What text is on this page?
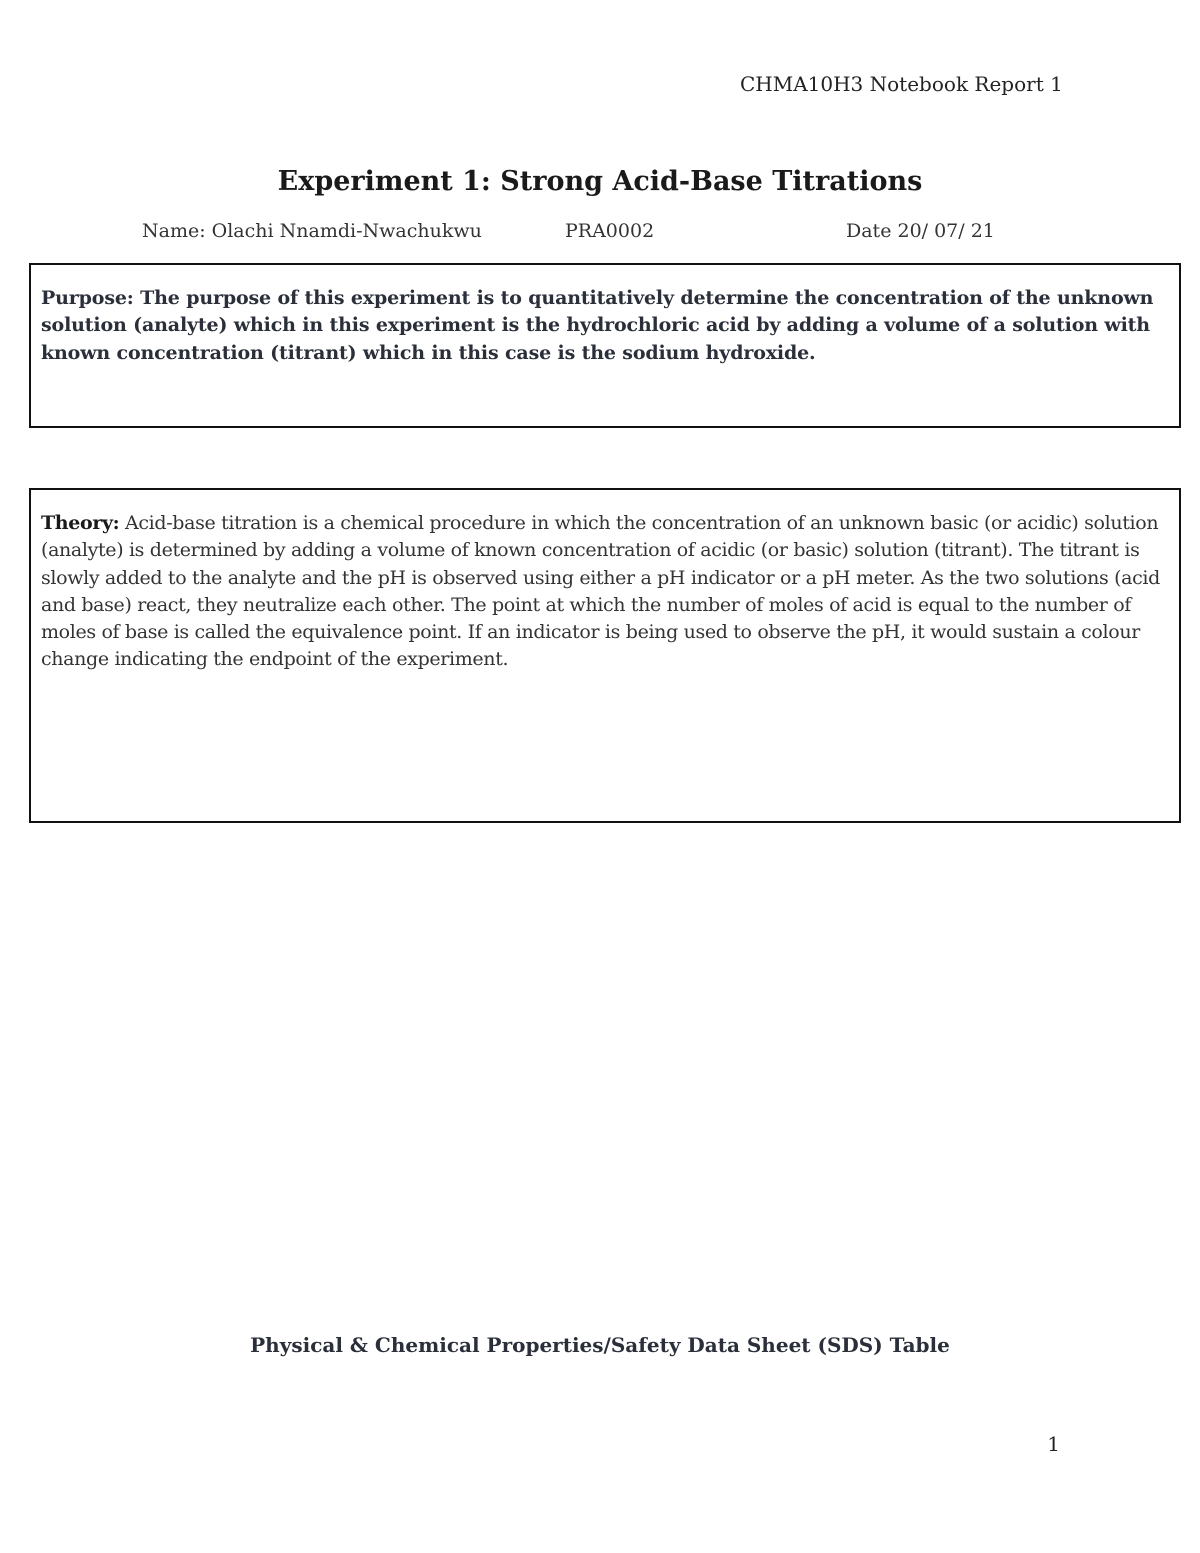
CHMA10H3 Notebook Report 1
Experiment 1: Strong Acid-Base Titrations
Name: Olachi Nnamdi-Nwachukwu	PRA0002	Date 20/ 07/ 21
Purpose: The purpose of this experiment is to quantitatively determine the concentration of the unknown solution (analyte) which in this experiment is the hydrochloric acid by adding a volume of a solution with known concentration (titrant) which in this case is the sodium hydroxide.
Theory: Acid-base titration is a chemical procedure in which the concentration of an unknown basic (or acidic) solution (analyte) is determined by adding a volume of known concentration of acidic (or basic) solution (titrant). The titrant is slowly added to the analyte and the pH is observed using either a pH indicator or a pH meter. As the two solutions (acid and base) react, they neutralize each other. The point at which the number of moles of acid is equal to the number of moles of base is called the equivalence point. If an indicator is being used to observe the pH, it would sustain a colour change indicating the endpoint of the experiment.
Physical & Chemical Properties/Safety Data Sheet (SDS) Table
1
